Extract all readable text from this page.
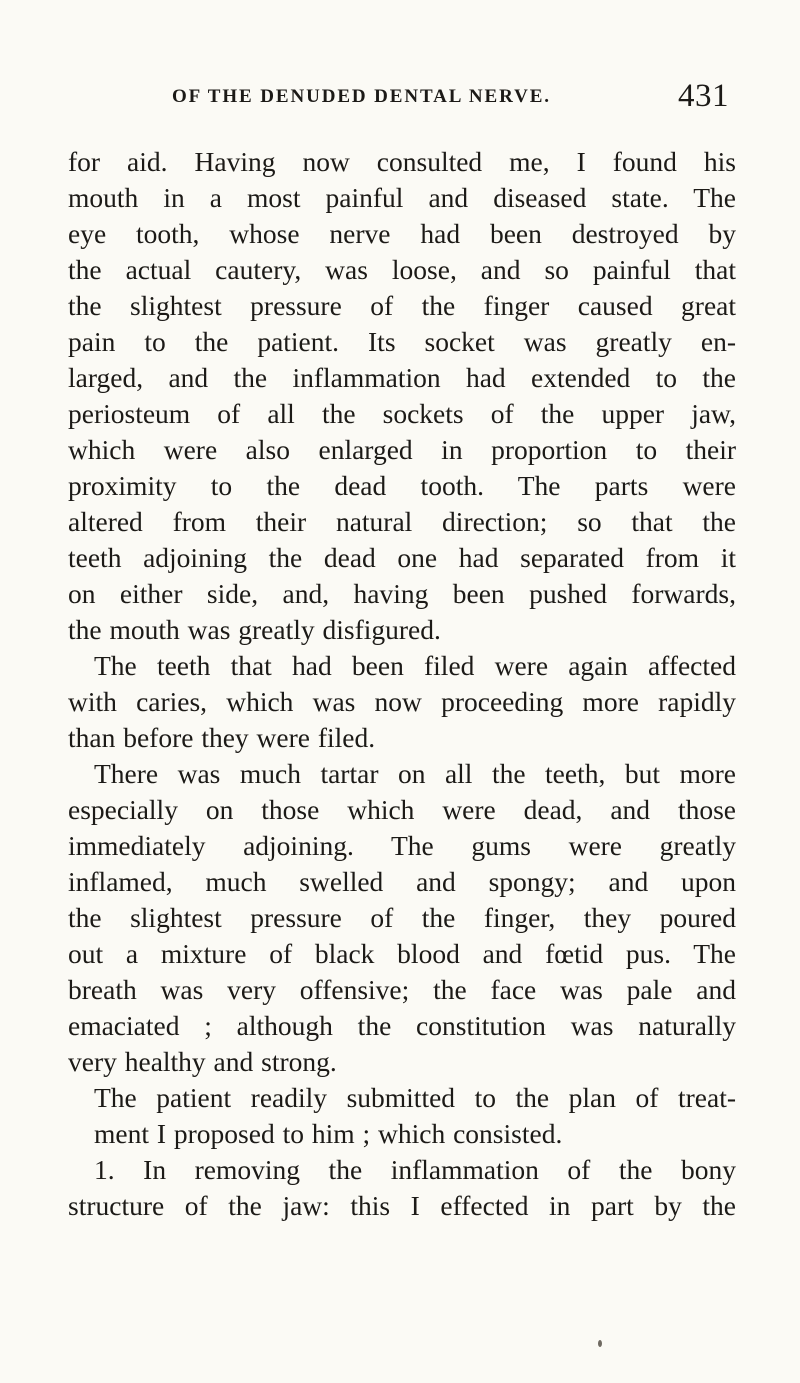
OF THE DENUDED DENTAL NERVE.	431
for aid. Having now consulted me, I found his
mouth in a most painful and diseased state. The
eye tooth, whose nerve had been destroyed by
the actual cautery, was loose, and so painful that
the slightest pressure of the finger caused great
pain to the patient. Its socket was greatly en-
larged, and the inflammation had extended to the
periosteum of all the sockets of the upper jaw,
which were also enlarged in proportion to their
proximity to the dead tooth. The parts were
altered from their natural direction; so that the
teeth adjoining the dead one had separated from it
on either side, and, having been pushed forwards,
the mouth was greatly disfigured.
The teeth that had been filed were again affected
with caries, which was now proceeding more rapidly
than before they were filed.
There was much tartar on all the teeth, but more
especially on those which were dead, and those
immediately adjoining. The gums were greatly
inflamed, much swelled and spongy; and upon
the slightest pressure of the finger, they poured
out a mixture of black blood and fœtid pus. The
breath was very offensive; the face was pale and
emaciated ; although the constitution was naturally
very healthy and strong.
The patient readily submitted to the plan of treat-
ment I proposed to him ; which consisted.
1. In removing the inflammation of the bony
structure of the jaw: this I effected in part by the
